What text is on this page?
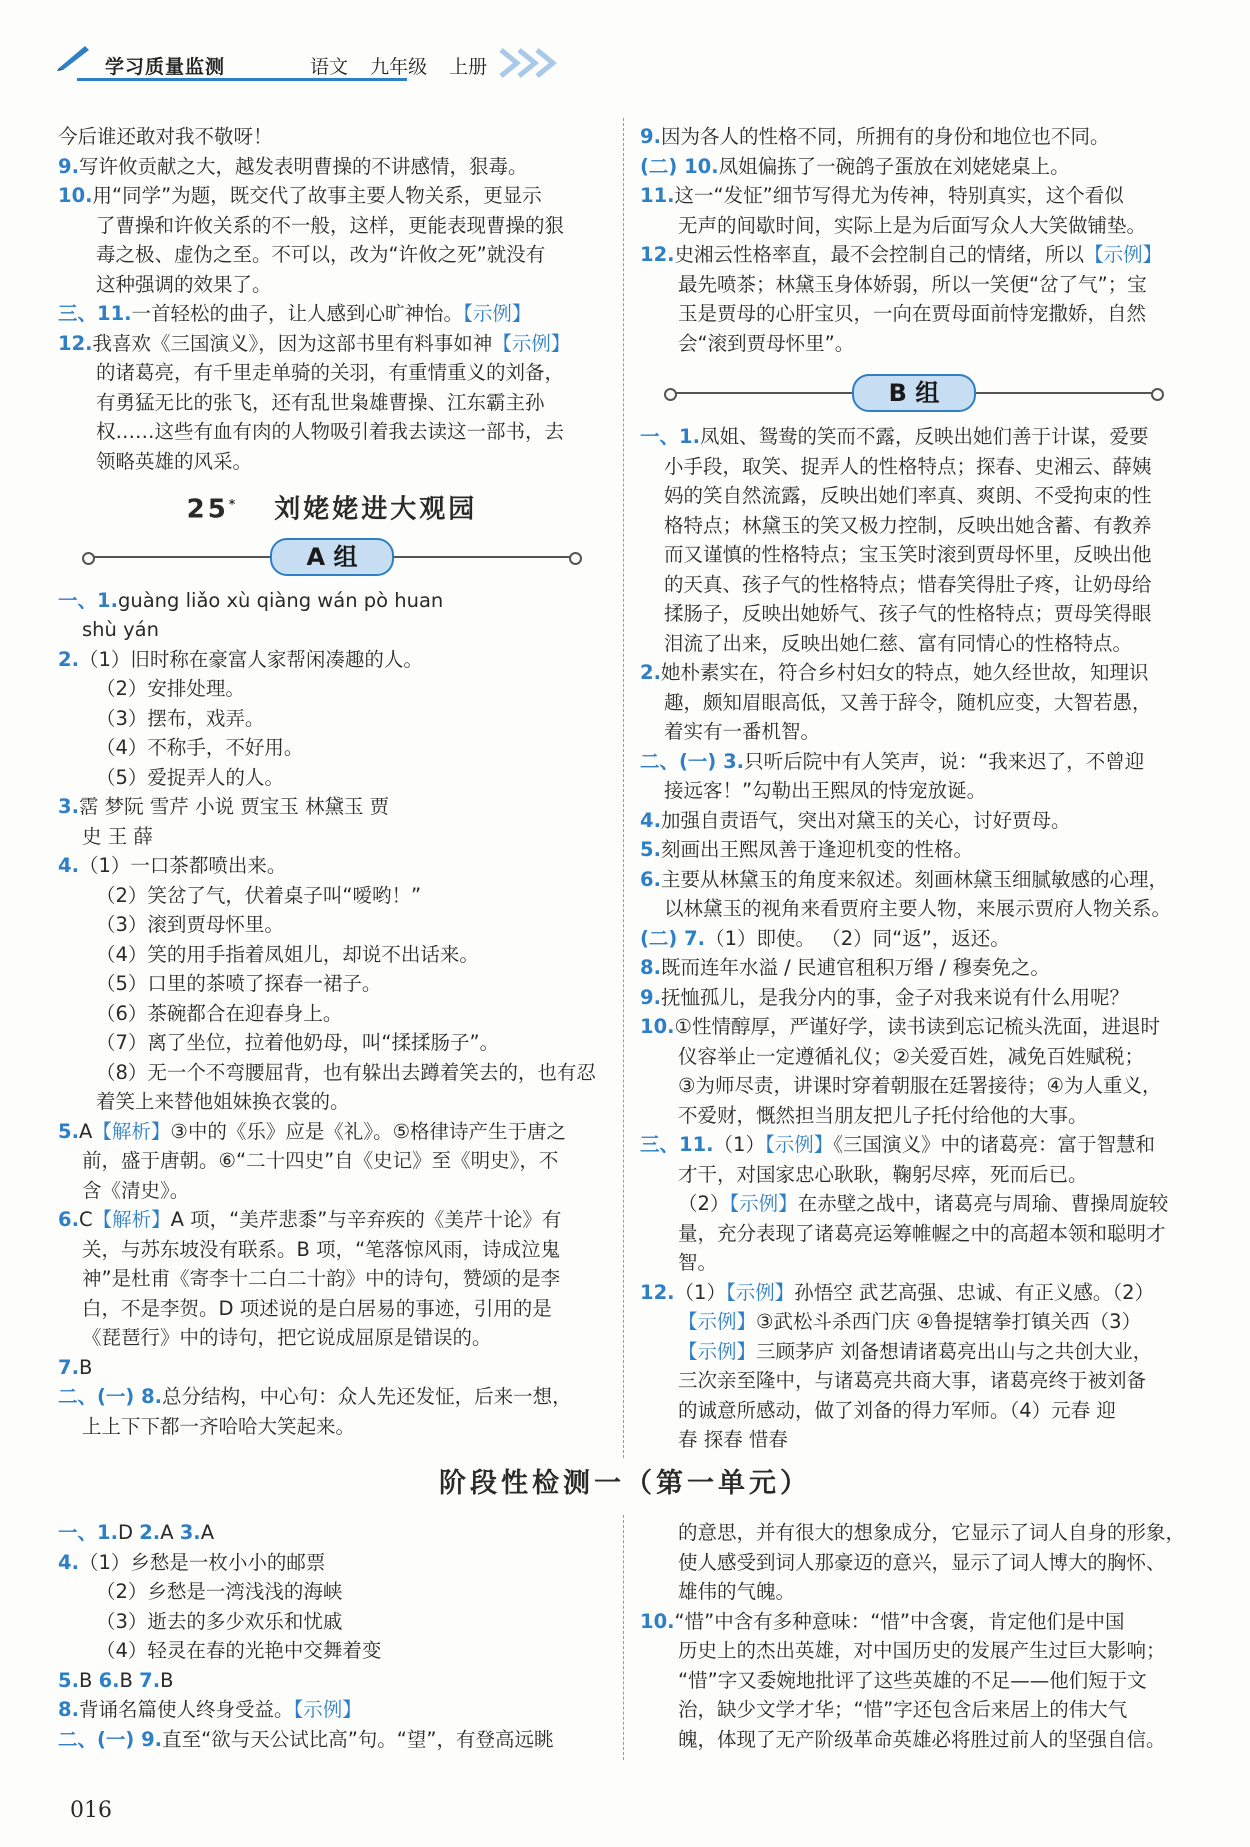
学习质量监测	语文 九年级 上册
今后谁还敢对我不敬呀！
9.写许攸贡献之大，越发表明曹操的不讲感情，狠毒。
10.用“同学”为题，既交代了故事主要人物关系，更显示
了曹操和许攸关系的不一般，这样，更能表现曹操的狠
毒之极、虚伪之至。不可以，改为“许攸之死”就没有
这种强调的效果了。
三、11.一首轻松的曲子，让人感到心旷神怡。【示例】
12.我喜欢《三国演义》，因为这部书里有料事如神【示例】
的诸葛亮，有千里走单骑的关羽，有重情重义的刘备，
有勇猛无比的张飞，还有乱世枭雄曹操、江东霸主孙
权……这些有血有肉的人物吸引着我去读这一部书，去
领略英雄的风采。
25* 刘姥姥进大观园
A 组
一、1.guàng liǎo xù qiàng wán pò huan
shù yán
2.（1）旧时称在豪富人家帮闲凑趣的人。
（2）安排处理。
（3）摆布，戏弄。
（4）不称手，不好用。
（5）爱捉弄人的人。
3.霑 梦阮 雪芹 小说 贾宝玉 林黛玉 贾
史 王 薛
4.（1）一口茶都喷出来。
（2）笑岔了气，伏着桌子叫“嗳哟！”
（3）滚到贾母怀里。
（4）笑的用手指着凤姐儿，却说不出话来。
（5）口里的茶喷了探春一裙子。
（6）茶碗都合在迎春身上。
（7）离了坐位，拉着他奶母，叫“揉揉肠子”。
（8）无一个不弯腰屈背，也有躲出去蹲着笑去的，也有忍
着笑上来替他姐妹换衣裳的。
5.A【解析】③中的《乐》应是《礼》。⑤格律诗产生于唐之
前，盛于唐朝。⑥“二十四史”自《史记》至《明史》，不
含《清史》。
6.C【解析】A 项，“美芹悲黍”与辛弃疾的《美芹十论》有
关，与苏东坡没有联系。B 项，“笔落惊风雨，诗成泣鬼
神”是杜甫《寄李十二白二十韵》中的诗句，赞颂的是李
白，不是李贺。D 项述说的是白居易的事迹，引用的是
《琵琶行》中的诗句，把它说成屈原是错误的。
7.B
二、(一) 8.总分结构，中心句：众人先还发怔，后来一想，
上上下下都一齐哈哈大笑起来。
9.因为各人的性格不同，所拥有的身份和地位也不同。
(二) 10.凤姐偏拣了一碗鸽子蛋放在刘姥姥桌上。
11.这一“发怔”细节写得尤为传神，特别真实，这个看似
无声的间歇时间，实际上是为后面写众人大笑做铺垫。
12.史湘云性格率直，最不会控制自己的情绪，所以【示例】
最先喷茶；林黛玉身体娇弱，所以一笑便“岔了气”；宝
玉是贾母的心肝宝贝，一向在贾母面前恃宠撒娇，自然
会“滚到贾母怀里”。
B 组
一、1.凤姐、鸳鸯的笑而不露，反映出她们善于计谋，爱要
小手段，取笑、捉弄人的性格特点；探春、史湘云、薛姨
妈的笑自然流露，反映出她们率真、爽朗、不受拘束的性
格特点；林黛玉的笑又极力控制，反映出她含蓄、有教养
而又谨慎的性格特点；宝玉笑时滚到贾母怀里，反映出他
的天真、孩子气的性格特点；惜春笑得肚子疼，让奶母给
揉肠子，反映出她娇气、孩子气的性格特点；贾母笑得眼
泪流了出来，反映出她仁慈、富有同情心的性格特点。
2.她朴素实在，符合乡村妇女的特点，她久经世故，知理识
趣，颇知眉眼高低，又善于辞令，随机应变，大智若愚，
着实有一番机智。
二、(一) 3.只听后院中有人笑声，说：“我来迟了，不曾迎
接远客！”勾勒出王熙凤的恃宠放诞。
4.加强自责语气，突出对黛玉的关心，讨好贾母。
5.刻画出王熙凤善于逢迎机变的性格。
6.主要从林黛玉的角度来叙述。刻画林黛玉细腻敏感的心理，
以林黛玉的视角来看贾府主要人物，来展示贾府人物关系。
(二) 7.（1）即使。 （2）同“返”，返还。
8.既而连年水溢 / 民逋官租积万缗 / 穆奏免之。
9.抚恤孤儿，是我分内的事，金子对我来说有什么用呢？
10.①性情醇厚，严谨好学，读书读到忘记梳头洗面，进退时
仪容举止一定遵循礼仪；②关爱百姓，减免百姓赋税；
③为师尽责，讲课时穿着朝服在廷署接待；④为人重义，
不爱财，慨然担当朋友把儿子托付给他的大事。
三、11.（1）【示例】《三国演义》中的诸葛亮：富于智慧和
才干，对国家忠心耿耿，鞠躬尽瘁，死而后已。
（2）【示例】在赤壁之战中，诸葛亮与周瑜、曹操周旋较
量，充分表现了诸葛亮运筹帷幄之中的高超本领和聪明才
智。
12.（1）【示例】孙悟空 武艺高强、忠诚、有正义感。（2）
【示例】③武松斗杀西门庆 ④鲁提辖拳打镇关西（3）
【示例】三顾茅庐 刘备想请诸葛亮出山与之共创大业，
三次亲至隆中，与诸葛亮共商大事，诸葛亮终于被刘备
的诚意所感动，做了刘备的得力军师。（4）元春 迎
春 探春 惜春
阶段性检测一（第一单元）
一、1.D 2.A 3.A
4.（1）乡愁是一枚小小的邮票
（2）乡愁是一湾浅浅的海峡
（3）逝去的多少欢乐和忧戚
（4）轻灵在春的光艳中交舞着变
5.B 6.B 7.B
8.背诵名篇使人终身受益。【示例】
二、(一) 9.直至“欲与天公试比高”句。“望”，有登高远眺
的意思，并有很大的想象成分，它显示了词人自身的形象，
使人感受到词人那豪迈的意兴，显示了词人博大的胸怀、
雄伟的气魄。
10.“惜”中含有多种意味：“惜”中含褒，肯定他们是中国
历史上的杰出英雄，对中国历史的发展产生过巨大影响；
“惜”字又委婉地批评了这些英雄的不足——他们短于文
治，缺少文学才华；“惜”字还包含后来居上的伟大气
魄，体现了无产阶级革命英雄必将胜过前人的坚强自信。
016
